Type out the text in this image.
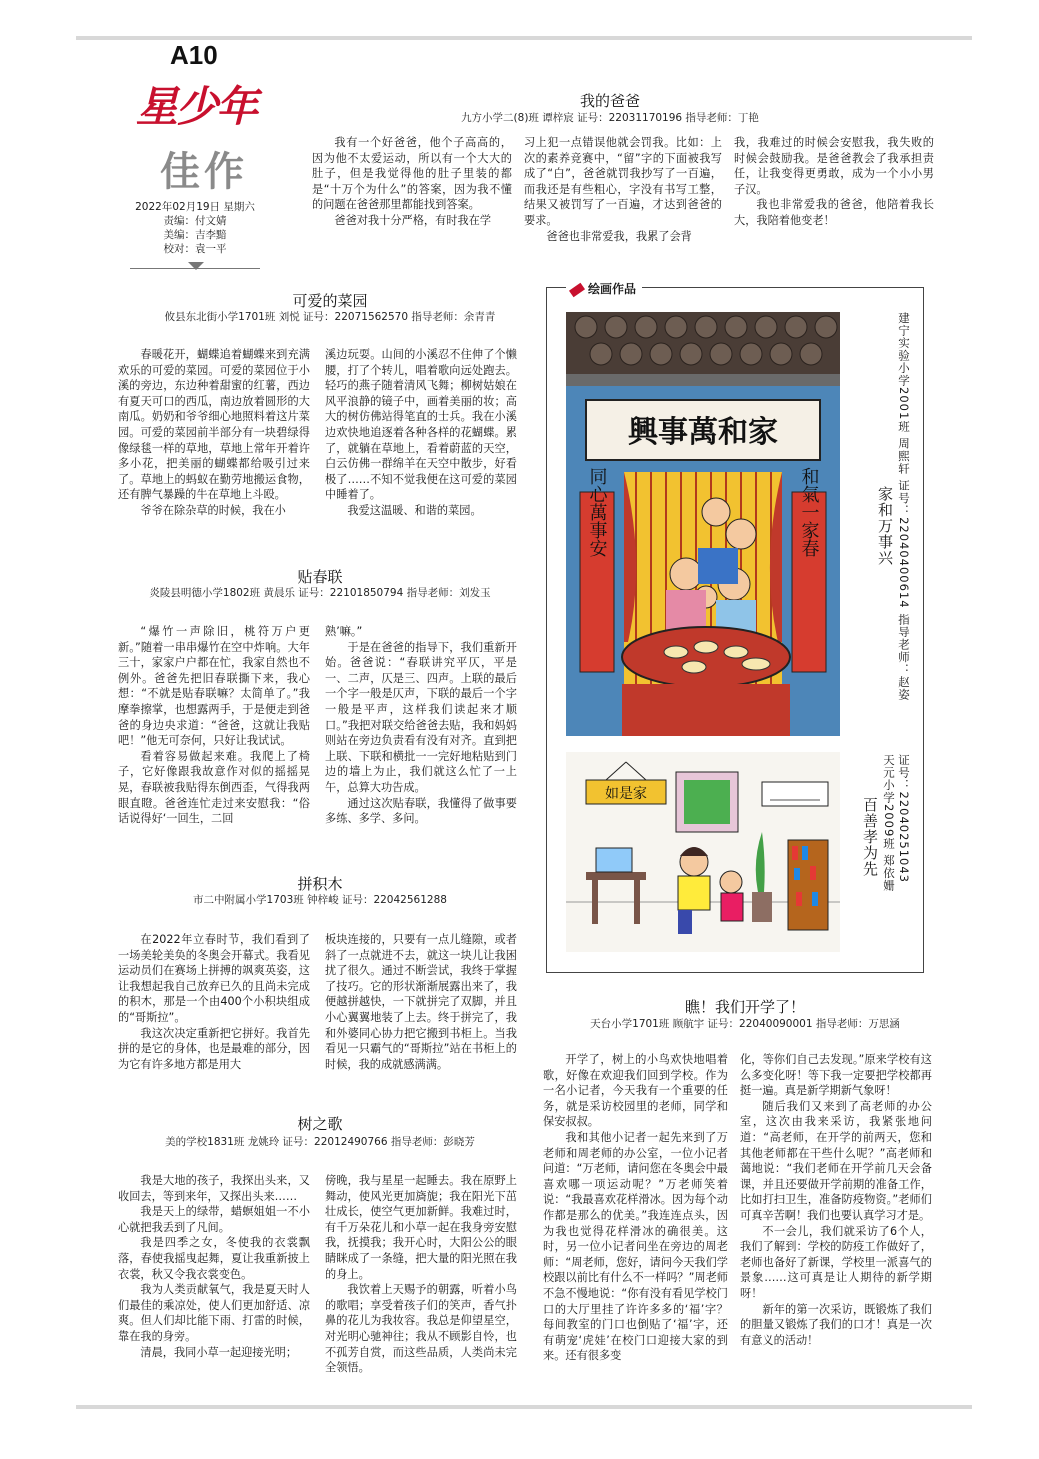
A10
星少年
佳作
2022年02月19日 星期六
责编：付文婧
美编：吉李黯
校对：袁一平
我的爸爸
九方小学二(8)班 谭梓宸 证号：22031170196 指导老师：丁艳

我有一个好爸爸，他个子高高的，因为他不太爱运动，所以有一个大大的肚子，但是我觉得他的肚子里装的都是“十万个为什么”的答案，因为我不懂的问题在爸爸那里都能找到答案。

爸爸对我十分严格，有时我在学

习上犯一点错误他就会罚我。比如：上次的素养竞赛中，“留”字的下面被我写成了“白”，爸爸就罚我抄写了一百遍，而我还是有些粗心，字没有书写工整，结果又被罚写了一百遍，才达到爸爸的要求。

爸爸也非常爱我，我累了会背

我，我难过的时候会安慰我，我失败的时候会鼓励我。是爸爸教会了我承担责任，让我变得更勇敢，成为一个小小男子汉。

我也非常爱我的爸爸，他陪着我长大，我陪着他变老！

可爱的菜园
攸县东北街小学1701班 刘悦 证号：22071562570 指导老师：余青青

春暖花开，蝴蝶追着蝴蝶来到充满欢乐的可爱的菜园。可爱的菜园位于小溪的旁边，东边种着甜蜜的红薯，西边有夏天可口的西瓜，南边放着圆形的大南瓜。奶奶和爷爷细心地照料着这片菜园。可爱的菜园前半部分有一块碧绿得像绿毯一样的草地，草地上常年开着许多小花，把美丽的蝴蝶都给吸引过来了。草地上的蚂蚁在勤劳地搬运食物，还有脾气暴躁的牛在草地上斗殴。

爷爷在除杂草的时候，我在小

溪边玩耍。山间的小溪忍不住伸了个懒腰，打了个转儿，唱着歌向远处跑去。轻巧的燕子随着清风飞舞；柳树姑娘在风平浪静的镜子中，画着美丽的妆；高大的树仿佛站得笔直的士兵。我在小溪边欢快地追逐着各种各样的花蝴蝶。累了，就躺在草地上，看着蔚蓝的天空，白云仿佛一群绵羊在天空中散步，好看极了……不知不觉我便在这可爱的菜园中睡着了。

我爱这温暖、和谐的菜园。

贴春联
炎陵县明德小学1802班 黄晨乐 证号：22101850794 指导老师：刘发玉

“爆竹一声除旧，桃符万户更新。”随着一串串爆竹在空中炸响。大年三十，家家户户都在忙，我家自然也不例外。爸爸先把旧春联撕下来，我心想：“不就是贴春联嘛？太简单了。”我摩拳擦掌，也想露两手，于是便走到爸爸的身边央求道：“爸爸，这就让我贴吧！”他无可奈何，只好让我试试。

看着容易做起来难。我爬上了椅子，它好像跟我故意作对似的摇摇晃晃，春联被我贴得东倒西歪，气得我两眼直瞪。爸爸连忙走过来安慰我：“俗话说得好‘一回生，二回

熟’嘛。”

于是在爸爸的指导下，我们重新开始。爸爸说：“春联讲究平仄，平是一、二声，仄是三、四声。上联的最后一个字一般是仄声，下联的最后一个字一般是平声，这样我们读起来才顺口。”我把对联交给爸爸去贴，我和妈妈则站在旁边负责看有没有对齐。直到把上联、下联和横批一一完好地粘贴到门边的墙上为止，我们就这么忙了一上午，总算大功告成。

通过这次贴春联，我懂得了做事要多练、多学、多问。

拼积木
市二中附属小学1703班 钟梓峻 证号：22042561288

在2022年立春时节，我们看到了一场美轮美奂的冬奥会开幕式。我看见运动员们在赛场上拼搏的飒爽英姿，这让我想起我自己放弃已久的且尚未完成的积木，那是一个由400个小积块组成的“哥斯拉”。

我这次决定重新把它拼好。我首先拼的是它的身体，也是最难的部分，因为它有许多地方都是用大

板块连接的，只要有一点儿缝隙，或者斜了一点就进不去，就这一块儿让我困扰了很久。通过不断尝试，我终于掌握了技巧。它的形状渐渐展露出来了，我便越拼越快，一下就拼完了双脚，并且小心翼翼地装了上去。终于拼完了，我和外婆同心协力把它搬到书柜上。当我看见一只霸气的“哥斯拉”站在书柜上的时候，我的成就感满满。

树之歌
美的学校1831班 龙姚玲 证号：22012490766 指导老师：彭晓芳

我是大地的孩子，我探出头来，又收回去，等到来年，又探出头来……

我是天上的绿带，蜡螟姐姐一不小心就把我丢到了凡间。

我是四季之女，冬使我的衣裳飘落，春使我摇曳起舞，夏让我重新披上衣裳，秋又令我衣裳变色。

我为人类贡献氧气，我是夏天时人们最佳的乘凉处，使人们更加舒适、凉爽。但人们却比能下雨、打雷的时候，靠在我的身旁。

清晨，我同小草一起迎接光明；

傍晚，我与星星一起睡去。我在原野上舞动，使风光更加旖旎；我在阳光下茁壮成长，使空气更加新鲜。我难过时，有千万朵花儿和小草一起在我身旁安慰我，抚摸我；我开心时，大阳公公的眼睛眯成了一条缝，把大量的阳光照在我的身上。

我饮着上天赐予的朝露，听着小鸟的歌唱；享受着孩子们的笑声，香气扑鼻的花儿为我妆容。我总是仰望星空，对光明心驰神往；我从不顾影自怜，也不孤芳自赏，而这些品质，人类尚未完全领悟。

瞧！我们开学了！
天台小学1701班 顾航宇 证号：22040090001 指导老师：万思涵

开学了，树上的小鸟欢快地唱着歌，好像在欢迎我们回到学校。作为一名小记者，今天我有一个重要的任务，就是采访校园里的老师，同学和保安叔叔。

我和其他小记者一起先来到了万老师和周老师的办公室，一位小记者问道：“万老师，请问您在冬奥会中最喜欢哪一项运动呢？”万老师笑着说：“我最喜欢花样滑冰。因为每个动作都是那么的优美。”我连连点头，因为我也觉得花样滑冰的确很美。这时，另一位小记者问坐在旁边的周老师：“周老师，您好，请问今天我们学校跟以前比有什么不一样吗？”周老师不急不慢地说：“你有没有看见学校门口的大厅里挂了许许多多的‘福’字？每间教室的门口也倒贴了‘福’字，还有萌宠‘虎娃’在校门口迎接大家的到来。还有很多变

化，等你们自己去发现。”原来学校有这么多变化呀！等下我一定要把学校都再挺一遍。真是新学期新气象呀！

随后我们又来到了高老师的办公室，这次由我来采访，我紧张地问道：“高老师，在开学的前两天，您和其他老师都在干些什么呢？”高老师和蔼地说：“我们老师在开学前几天会备课，并且还要做开学前期的准备工作，比如打扫卫生，准备防疫物资。”老师们可真辛苦啊！我们也要认真学习才是。

不一会儿，我们就采访了6个人，我们了解到：学校的防疫工作做好了，老师也备好了新课，学校里一派喜气的景象……这可真是让人期待的新学期呀！

新年的第一次采访，既锻炼了我们的胆量又锻炼了我们的口才！真是一次有意义的活动！

绘画作品
興事萬和家
同心萬事安	和氣一家春	建宁实验小学2001班 周熙轩 证号：22040400614 指导老师：赵姿
家和万事兴
如是家	证号：22040251043
天元小学2009班 郑依姗
百善孝为先
